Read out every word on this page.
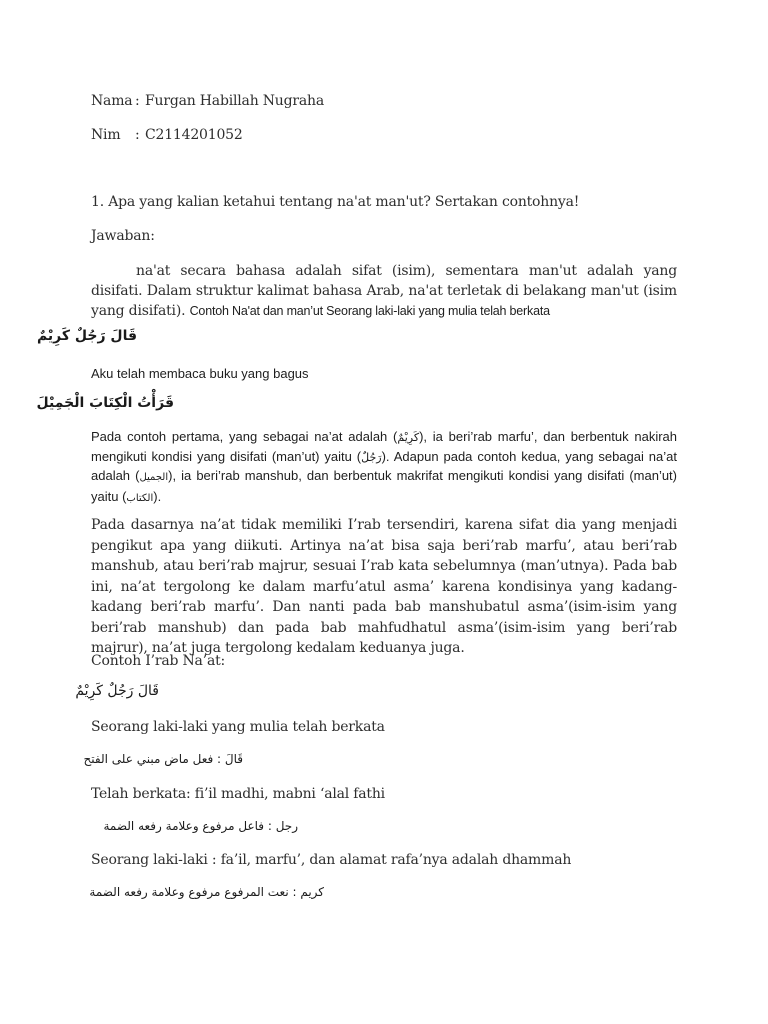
Nama : Furgan Habillah Nugraha
Nim : C2114201052
1. Apa yang kalian ketahui tentang na'at man'ut? Sertakan contohnya!
Jawaban:

na'at secara bahasa adalah sifat (isim), sementara man'ut adalah yang disifati. Dalam struktur kalimat bahasa Arab, na'at terletak di belakang man'ut (isim yang disifati). Contoh Na'at dan man’ut Seorang laki-laki yang mulia telah berkata

قَالَ رَجُلٌ كَرِيْمٌ
Aku telah membaca buku yang bagus
قَرَأْتُ الْكِتَابَ الْجَمِيْلَ

Pada contoh pertama, yang sebagai na’at adalah (كَرِيْمٌ), ia beri’rab marfu’, dan berbentuk nakirah mengikuti kondisi yang disifati (man’ut) yaitu (رَجُلٌ). Adapun pada contoh kedua, yang sebagai na’at adalah (الجميل), ia beri’rab manshub, dan berbentuk makrifat mengikuti kondisi yang disifati (man’ut) yaitu (الكتاب).

Pada dasarnya na’at tidak memiliki I’rab tersendiri, karena sifat dia yang menjadi pengikut apa yang diikuti. Artinya na’at bisa saja beri’rab marfu’, atau beri’rab manshub, atau beri’rab majrur, sesuai I’rab kata sebelumnya (man’utnya). Pada bab ini, na’at tergolong ke dalam marfu’atul asma’ karena kondisinya yang kadang-kadang beri’rab marfu’. Dan nanti pada bab manshubatul asma’(isim-isim yang beri’rab manshub) dan pada bab mahfudhatul asma’(isim-isim yang beri’rab majrur), na’at juga tergolong kedalam keduanya juga.

Contoh I’rab Na’at:
قَالَ رَجُلٌ كَرِيْمٌ
Seorang laki-laki yang mulia telah berkata
قَالَ : فعل ماض مبني على الفتح
Telah berkata: fi’il madhi, mabni ‘alal fathi
رجل : فاعل مرفوع وعلامة رفعه الضمة
Seorang laki-laki : fa’il, marfu’, dan alamat rafa’nya adalah dhammah
كريم : نعت المرفوع مرفوع وعلامة رفعه الضمة
